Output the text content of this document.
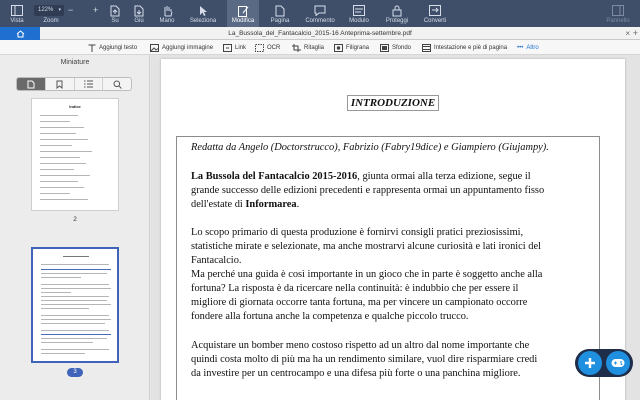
Vista
122% ▾ − +
Zoom	Su	Giù	Mano	Seleziona	Modifica	Pagina	Commento	Modulo	Proteggi	Converti	Pannello
La_Bussola_del_Fantacalcio_2015-16 Anteprima-settembre.pdf	× +
Aggiungi testo	Aggiungi immagine	Link	OCR	Ritaglia	Filigrana	Sfondo	Intestazione e piè di pagina ••• Altro
Miniature
Indice
2
3
INTRODUZIONE
Redatta da Angelo (Doctorstrucco), Fabrizio (Fabry19dice) e Giampiero (Giujampy).
La Bussola del Fantacalcio 2015-2016, giunta ormai alla terza edizione, segue il
grande successo delle edizioni precedenti e rappresenta ormai un appuntamento fisso
dell'estate di Informarea.
Lo scopo primario di questa produzione è fornirvi consigli pratici preziosissimi,
statistiche mirate e selezionate, ma anche mostrarvi alcune curiosità e lati ironici del
Fantacalcio.
Ma perché una guida è così importante in un gioco che in parte è soggetto anche alla
fortuna? La risposta è da ricercare nella continuità: è indubbio che per essere il
migliore di giornata occorre tanta fortuna, ma per vincere un campionato occorre
fondere alla fortuna anche la competenza e qualche piccolo trucco.
Acquistare un bomber meno costoso rispetto ad un altro dal nome importante che
quindi costa molto di più ma ha un rendimento similare, vuol dire risparmiare credi
da investire per un centrocampo e una difesa più forte o una panchina migliore.
